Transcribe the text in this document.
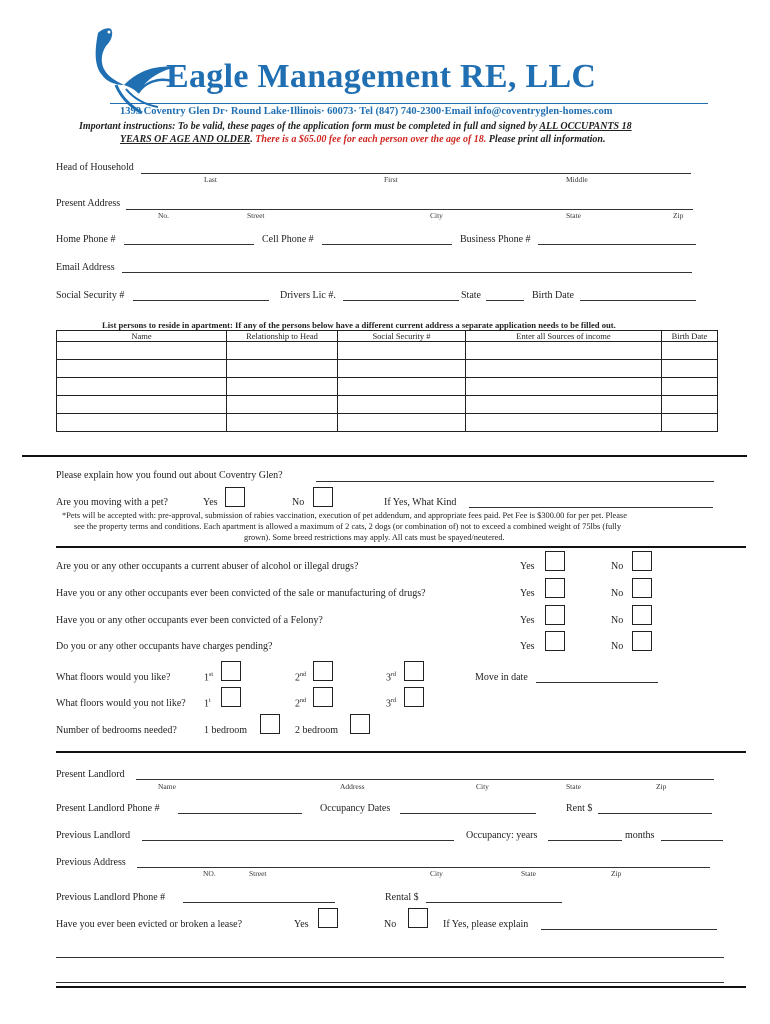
Eagle Management RE, LLC
1399 Coventry Glen Dr· Round Lake·Illinois· 60073· Tel (847) 740-2300·Email info@coventryglen-homes.com
Important instructions: To be valid, these pages of the application form must be completed in full and signed by ALL OCCUPANTS 18
YEARS OF AGE AND OLDER. There is a $65.00 fee for each person over the age of 18. Please print all information.
Head of Household
Last	First	Middle
Present Address
No.	Street	City	State	Zip
Home Phone #	Cell Phone #	Business Phone #
Email Address
Social Security #	Drivers Lic #.	State	Birth Date
List persons to reside in apartment: If any of the persons below have a different current address a separate application needs to be filled out.
Name	Relationship to Head	Social Security #	Enter all Sources of income	Birth Date

Please explain how you found out about Coventry Glen?
Are you moving with a pet?	Yes	No	If Yes, What Kind
*Pets will be accepted with: pre-approval, submission of rabies vaccination, execution of pet addendum, and appropriate fees paid. Pet Fee is $300.00 for per pet. Please
see the property terms and conditions. Each apartment is allowed a maximum of 2 cats, 2 dogs (or combination of) not to exceed a combined weight of 75lbs (fully
grown). Some breed restrictions may apply. All cats must be spayed/neutered.
Are you or any other occupants a current abuser of alcohol or illegal drugs?	Yes	No
Have you or any other occupants ever been convicted of the sale or manufacturing of drugs?	Yes	No
Have you or any other occupants ever been convicted of a Felony?	Yes	No
Do you or any other occupants have charges pending?	Yes	No
What floors would you like?	1st	2nd	3rd	Move in date
What floors would you not like? 1$^t$	2nd	3rd
Number of bedrooms needed?	1 bedroom	2 bedroom
Present Landlord
Name	Address	City	State	Zip
Present Landlord Phone #	Occupancy Dates	Rent $
Previous Landlord	Occupancy: years	months
Previous Address
NO.	Street	City	State	Zip
Previous Landlord Phone #	Rental $
Have you ever been evicted or broken a lease?	Yes	No	If Yes, please explain
